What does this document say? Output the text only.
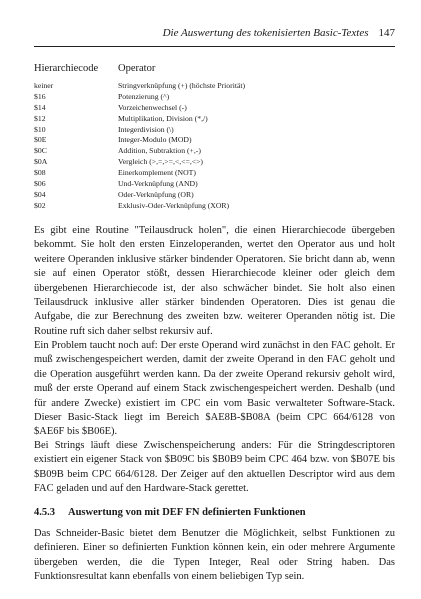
Die Auswertung des tokenisierten Basic-Textes 147
Hierarchiecode Operator
keiner	Stringverknüpfung (+) (höchste Priorität)
$16	Potenzierung (^)
$14	Vorzeichenwechsel (-)
$12	Multiplikation, Division (*,/)
$10	Integerdivision (\)
$0E	Integer-Modulo (MOD)
$0C	Addition, Subtraktion (+,-)
$0A	Vergleich (>,=,>=,<,<=,<>)
$08	Einerkomplement (NOT)
$06	Und-Verknüpfung (AND)
$04	Oder-Verknüpfung (OR)
$02	Exklusiv-Oder-Verknüpfung (XOR)

Es gibt eine Routine "Teilausdruck holen", die einen Hierarchiecode übergeben bekommt. Sie holt den ersten Einzeloperanden, wertet den Operator aus und holt weitere Operanden inklusive stärker bindender Operatoren. Sie bricht dann ab, wenn sie auf einen Operator stößt, dessen Hierarchiecode kleiner oder gleich dem übergebenen Hierarchiecode ist, der also schwächer bindet. Sie holt also einen Teilausdruck inklusive aller stärker bindenden Operatoren. Dies ist genau die Aufgabe, die zur Berechnung des zweiten bzw. weiterer Operanden nötig ist. Die Routine ruft sich daher selbst rekursiv auf.

Ein Problem taucht noch auf: Der erste Operand wird zunächst in den FAC geholt. Er muß zwischengespeichert werden, damit der zweite Operand in den FAC geholt und die Operation ausgeführt werden kann. Da der zweite Operand rekursiv geholt wird, muß der erste Operand auf einem Stack zwischengespeichert werden. Deshalb (und für andere Zwecke) existiert im CPC ein vom Basic verwalteter Software-Stack. Dieser Basic-Stack liegt im Bereich $AE8B-$B08A (beim CPC 664/6128 von $AE6F bis $B06E).

Bei Strings läuft diese Zwischenspeicherung anders: Für die Stringdescriptoren existiert ein eigener Stack von $B09C bis $B0B9 beim CPC 464 bzw. von $B07E bis $B09B beim CPC 664/6128. Der Zeiger auf den aktuellen Descriptor wird aus dem FAC geladen und auf den Hardware-Stack gerettet.

4.5.3 Auswertung von mit DEF FN definierten Funktionen

Das Schneider-Basic bietet dem Benutzer die Möglichkeit, selbst Funktionen zu definieren. Einer so definierten Funktion können kein, ein oder mehrere Argumente übergeben werden, die die Typen Integer, Real oder String haben. Das Funktionsresultat kann ebenfalls von einem beliebigen Typ sein.
